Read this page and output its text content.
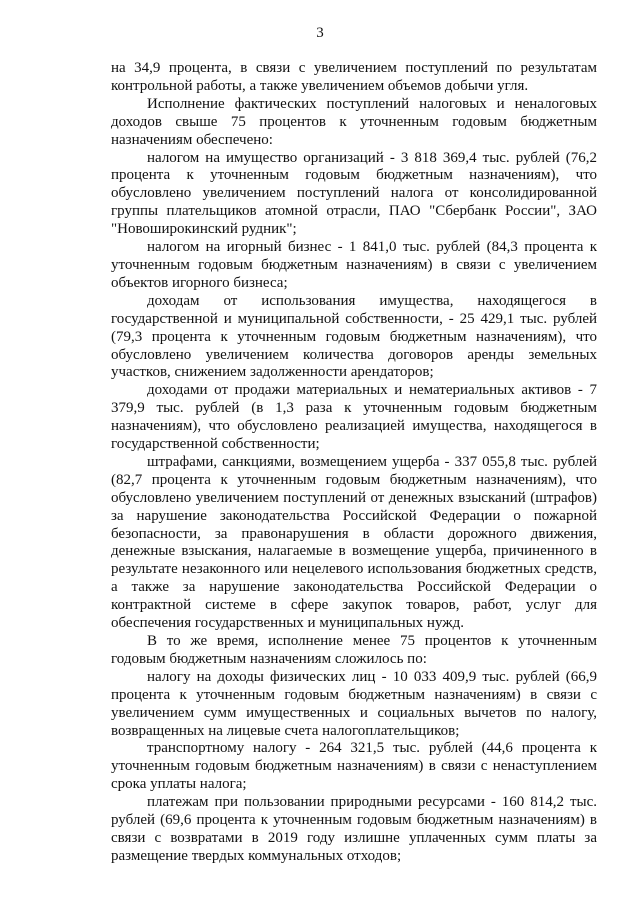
3

на 34,9 процента, в связи с увеличением поступлений по результатам контрольной работы, а также увеличением объемов добычи угля.

Исполнение фактических поступлений налоговых и неналоговых доходов свыше 75 процентов к уточненным годовым бюджетным назначениям обеспечено:

налогом на имущество организаций - 3 818 369,4 тыс. рублей (76,2 процента к уточненным годовым бюджетным назначениям), что обусловлено увеличением поступлений налога от консолидированной группы плательщиков атомной отрасли, ПАО "Сбербанк России", ЗАО "Новоширокинский рудник";

налогом на игорный бизнес - 1 841,0 тыс. рублей (84,3 процента к уточненным годовым бюджетным назначениям) в связи с увеличением объектов игорного бизнеса;

доходам от использования имущества, находящегося в государственной и муниципальной собственности, - 25 429,1 тыс. рублей (79,3 процента к уточненным годовым бюджетным назначениям), что обусловлено увеличением количества договоров аренды земельных участков, снижением задолженности арендаторов;

доходами от продажи материальных и нематериальных активов - 7 379,9 тыс. рублей (в 1,3 раза к уточненным годовым бюджетным назначениям), что обусловлено реализацией имущества, находящегося в государственной собственности;

штрафами, санкциями, возмещением ущерба - 337 055,8 тыс. рублей (82,7 процента к уточненным годовым бюджетным назначениям), что обусловлено увеличением поступлений от денежных взысканий (штрафов) за нарушение законодательства Российской Федерации о пожарной безопасности, за правонарушения в области дорожного движения, денежные взыскания, налагаемые в возмещение ущерба, причиненного в результате незаконного или нецелевого использования бюджетных средств, а также за нарушение законодательства Российской Федерации о контрактной системе в сфере закупок товаров, работ, услуг для обеспечения государственных и муниципальных нужд.

В то же время, исполнение менее 75 процентов к уточненным годовым бюджетным назначениям сложилось по:

налогу на доходы физических лиц - 10 033 409,9 тыс. рублей (66,9 процента к уточненным годовым бюджетным назначениям) в связи с увеличением сумм имущественных и социальных вычетов по налогу, возвращенных на лицевые счета налогоплательщиков;

транспортному налогу - 264 321,5 тыс. рублей (44,6 процента к уточненным годовым бюджетным назначениям) в связи с ненаступлением срока уплаты налога;

платежам при пользовании природными ресурсами - 160 814,2 тыс. рублей (69,6 процента к уточненным годовым бюджетным назначениям) в связи с возвратами в 2019 году излишне уплаченных сумм платы за размещение твердых коммунальных отходов;
